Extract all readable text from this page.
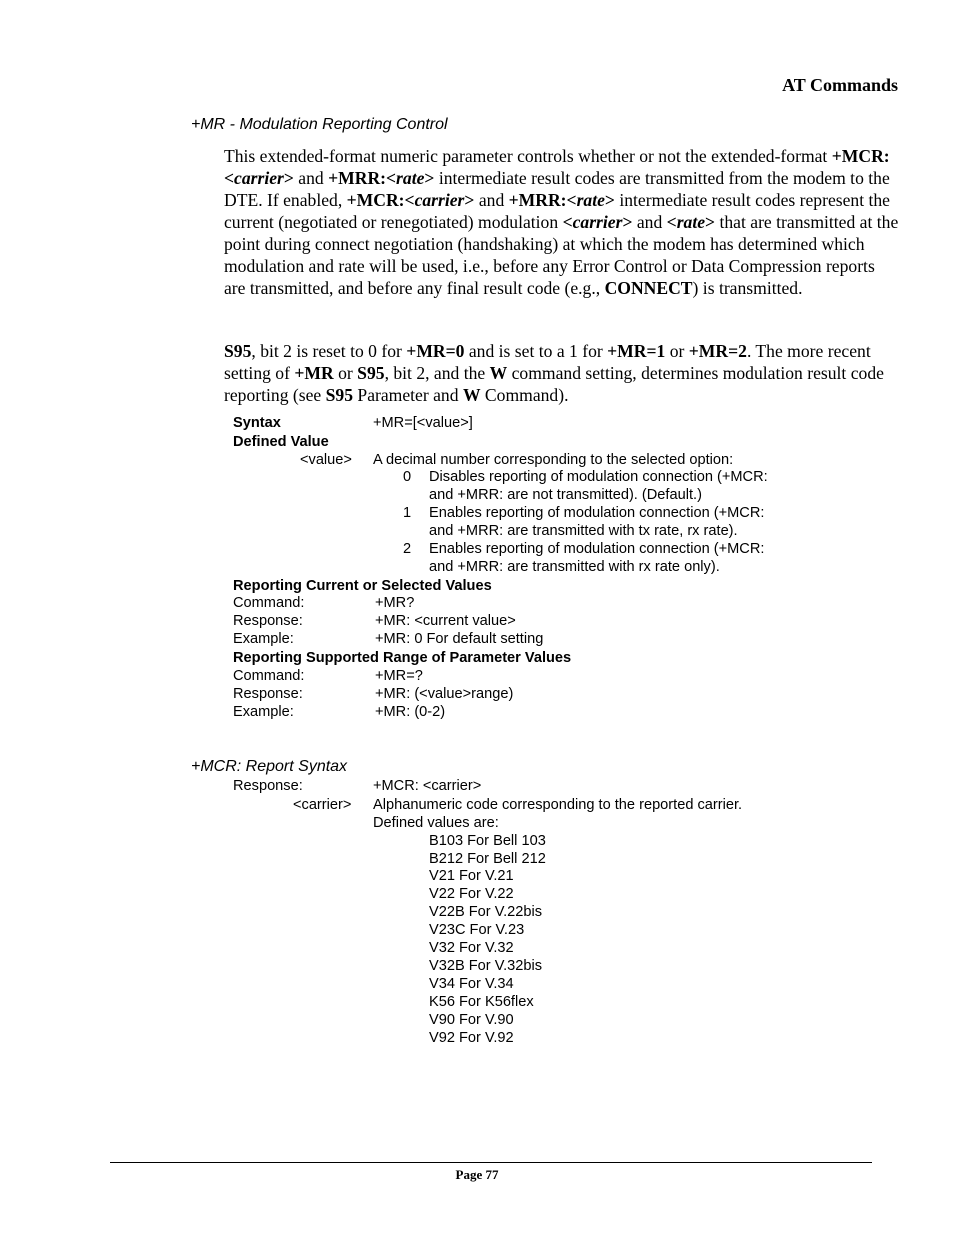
AT Commands
+MR - Modulation Reporting Control

This extended-format numeric parameter controls whether or not the extended-format +MCR:<carrier> and +MRR:<rate> intermediate result codes are transmitted from the modem to the DTE. If enabled, +MCR:<carrier> and +MRR:<rate> intermediate result codes represent the current (negotiated or renegotiated) modulation <carrier> and <rate> that are transmitted at the point during connect negotiation (handshaking) at which the modem has determined which modulation and rate will be used, i.e., before any Error Control or Data Compression reports are transmitted, and before any final result code (e.g., CONNECT) is transmitted.

S95, bit 2 is reset to 0 for +MR=0 and is set to a 1 for +MR=1 or +MR=2. The more recent setting of +MR or S95, bit 2, and the W command setting, determines modulation result code reporting (see S95 Parameter and W Command).

Syntax	+MR=[<value>]
Defined Value
<value> A decimal number corresponding to the selected option:
0 Disables reporting of modulation connection (+MCR:
and +MRR: are not transmitted). (Default.)
1 Enables reporting of modulation connection (+MCR:
and +MRR: are transmitted with tx rate, rx rate).
2 Enables reporting of modulation connection (+MCR:
and +MRR: are transmitted with rx rate only).
Reporting Current or Selected Values
Command:	+MR?
Response:	+MR: <current value>
Example:	+MR: 0 For default setting
Reporting Supported Range of Parameter Values
Command:	+MR=?
Response:	+MR: (<value>range)
Example:	+MR: (0-2)
+MCR: Report Syntax
Response:	+MCR: <carrier>
<carrier> Alphanumeric code corresponding to the reported carrier.
Defined values are:
B103 For Bell 103
B212 For Bell 212
V21 For V.21
V22 For V.22
V22B For V.22bis
V23C For V.23
V32 For V.32
V32B For V.32bis
V34 For V.34
K56 For K56flex
V90 For V.90
V92 For V.92
Page 77
